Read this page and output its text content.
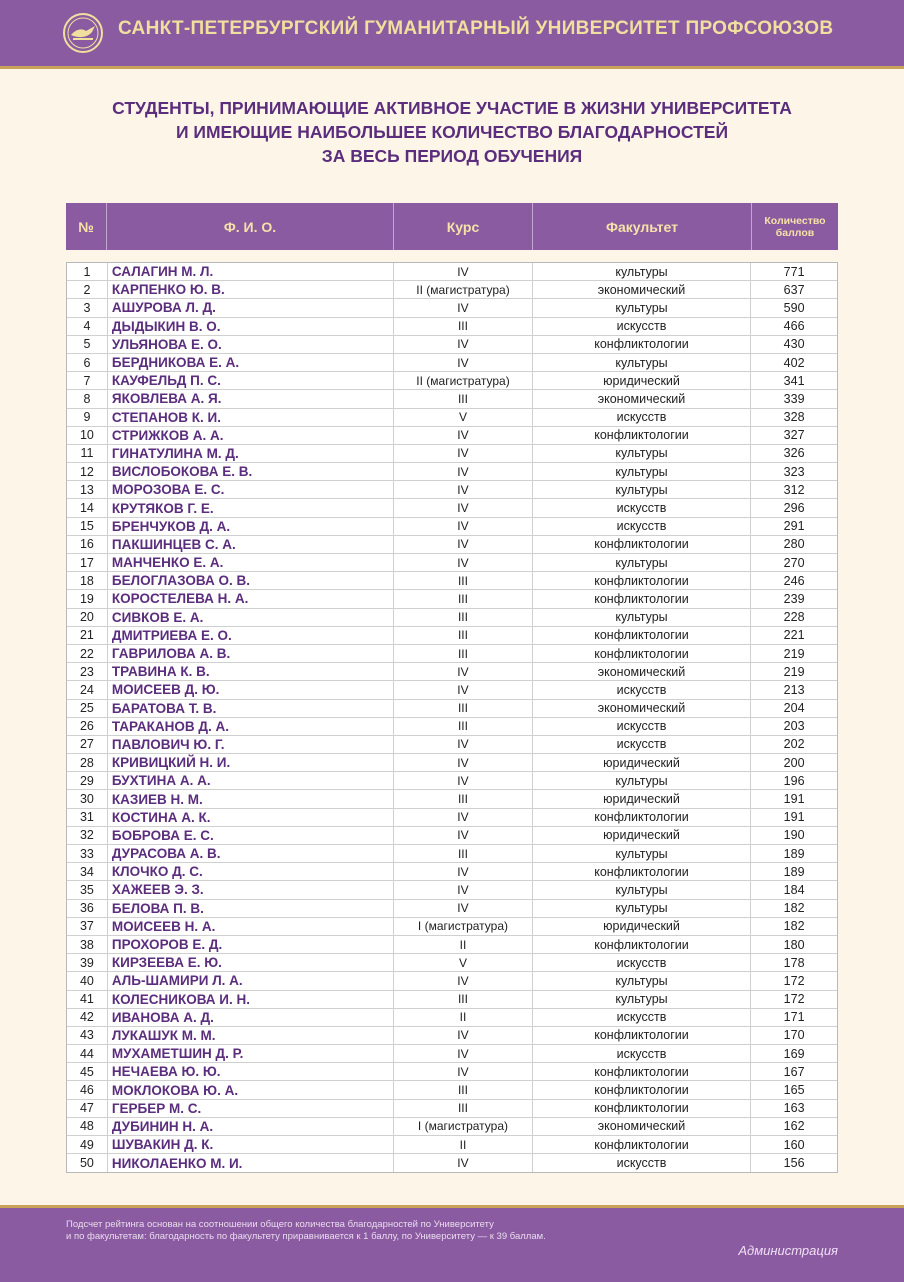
САНКТ-ПЕТЕРБУРГСКИЙ ГУМАНИТАРНЫЙ УНИВЕРСИТЕТ ПРОФСОЮЗОВ
СТУДЕНТЫ, ПРИНИМАЮЩИЕ АКТИВНОЕ УЧАСТИЕ В ЖИЗНИ УНИВЕРСИТЕТА
И ИМЕЮЩИЕ НАИБОЛЬШЕЕ КОЛИЧЕСТВО БЛАГОДАРНОСТЕЙ
ЗА ВЕСЬ ПЕРИОД ОБУЧЕНИЯ
№	Ф. И. О.	Курс	Факультет	Количество баллов
1	САЛАГИН М. Л.	IV	культуры	771
2	КАРПЕНКО Ю. В.	II (магистратура)	экономический	637
3	АШУРОВА Л. Д.	IV	культуры	590
4	ДЫДЫКИН В. О.	III	искусств	466
5	УЛЬЯНОВА Е. О.	IV	конфликтологии	430
6	БЕРДНИКОВА Е. А.	IV	культуры	402
7	КАУФЕЛЬД П. С.	II (магистратура)	юридический	341
8	ЯКОВЛЕВА А. Я.	III	экономический	339
9	СТЕПАНОВ К. И.	V	искусств	328
10	СТРИЖКОВ А. А.	IV	конфликтологии	327
11	ГИНАТУЛИНА М. Д.	IV	культуры	326
12	ВИСЛОБОКОВА Е. В.	IV	культуры	323
13	МОРОЗОВА Е. С.	IV	культуры	312
14	КРУТЯКОВ Г. Е.	IV	искусств	296
15	БРЕНЧУКОВ Д. А.	IV	искусств	291
16	ПАКШИНЦЕВ С. А.	IV	конфликтологии	280
17	МАНЧЕНКО Е. А.	IV	культуры	270
18	БЕЛОГЛАЗОВА О. В.	III	конфликтологии	246
19	КОРОСТЕЛЕВА Н. А.	III	конфликтологии	239
20	СИВКОВ Е. А.	III	культуры	228
21	ДМИТРИЕВА Е. О.	III	конфликтологии	221
22	ГАВРИЛОВА А. В.	III	конфликтологии	219
23	ТРАВИНА К. В.	IV	экономический	219
24	МОИСЕЕВ Д. Ю.	IV	искусств	213
25	БАРАТОВА Т. В.	III	экономический	204
26	ТАРАКАНОВ Д. А.	III	искусств	203
27	ПАВЛОВИЧ Ю. Г.	IV	искусств	202
28	КРИВИЦКИЙ Н. И.	IV	юридический	200
29	БУХТИНА А. А.	IV	культуры	196
30	КАЗИЕВ Н. М.	III	юридический	191
31	КОСТИНА А. К.	IV	конфликтологии	191
32	БОБРОВА Е. С.	IV	юридический	190
33	ДУРАСОВА А. В.	III	культуры	189
34	КЛОЧКО Д. С.	IV	конфликтологии	189
35	ХАЖЕЕВ Э. З.	IV	культуры	184
36	БЕЛОВА П. В.	IV	культуры	182
37	МОИСЕЕВ Н. А.	I (магистратура)	юридический	182
38	ПРОХОРОВ Е. Д.	II	конфликтологии	180
39	КИРЗЕЕВА Е. Ю.	V	искусств	178
40	АЛЬ-ШАМИРИ Л. А.	IV	культуры	172
41	КОЛЕСНИКОВА И. Н.	III	культуры	172
42	ИВАНОВА А. Д.	II	искусств	171
43	ЛУКАШУК М. М.	IV	конфликтологии	170
44	МУХАМЕТШИН Д. Р.	IV	искусств	169
45	НЕЧАЕВА Ю. Ю.	IV	конфликтологии	167
46	МОКЛОКОВА Ю. А.	III	конфликтологии	165
47	ГЕРБЕР М. С.	III	конфликтологии	163
48	ДУБИНИН Н. А.	I (магистратура)	экономический	162
49	ШУВАКИН Д. К.	II	конфликтологии	160
50	НИКОЛАЕНКО М. И.	IV	искусств	156
Подсчет рейтинга основан на соотношении общего количества благодарностей по Университету
и по факультетам: благодарность по факультету приравнивается к 1 баллу, по Университету — к 39 баллам.
Администрация
